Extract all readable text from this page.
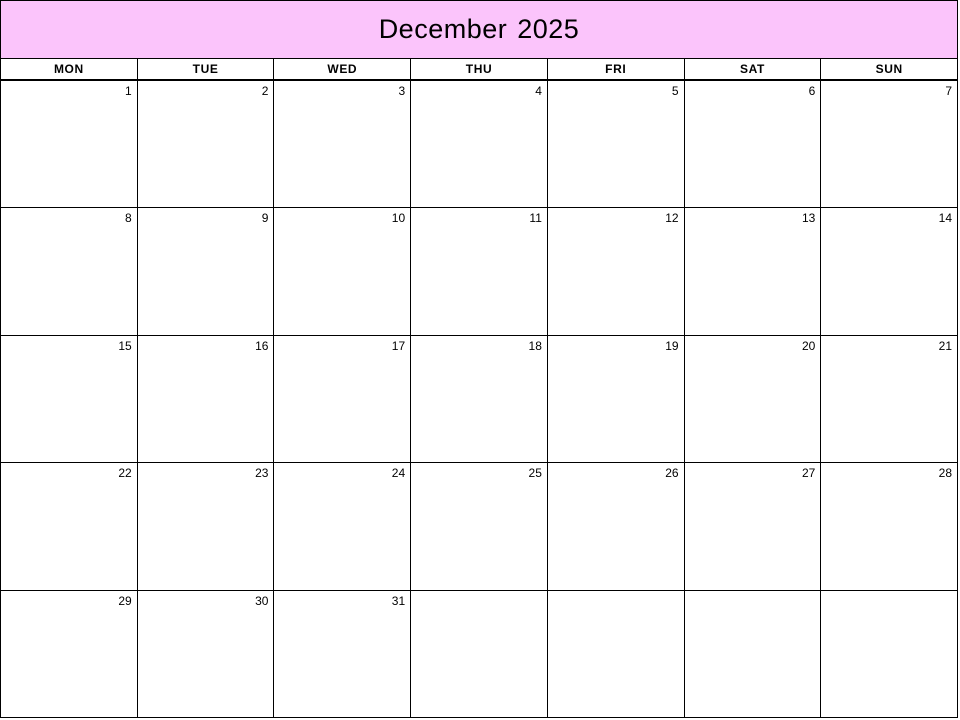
December 2025
MON	TUE	WED	THU	FRI	SAT	SUN
1	2	3	4	5	6	7
8	9	10	11	12	13	14
15	16	17	18	19	20	21
22	23	24	25	26	27	28
29	30	31
